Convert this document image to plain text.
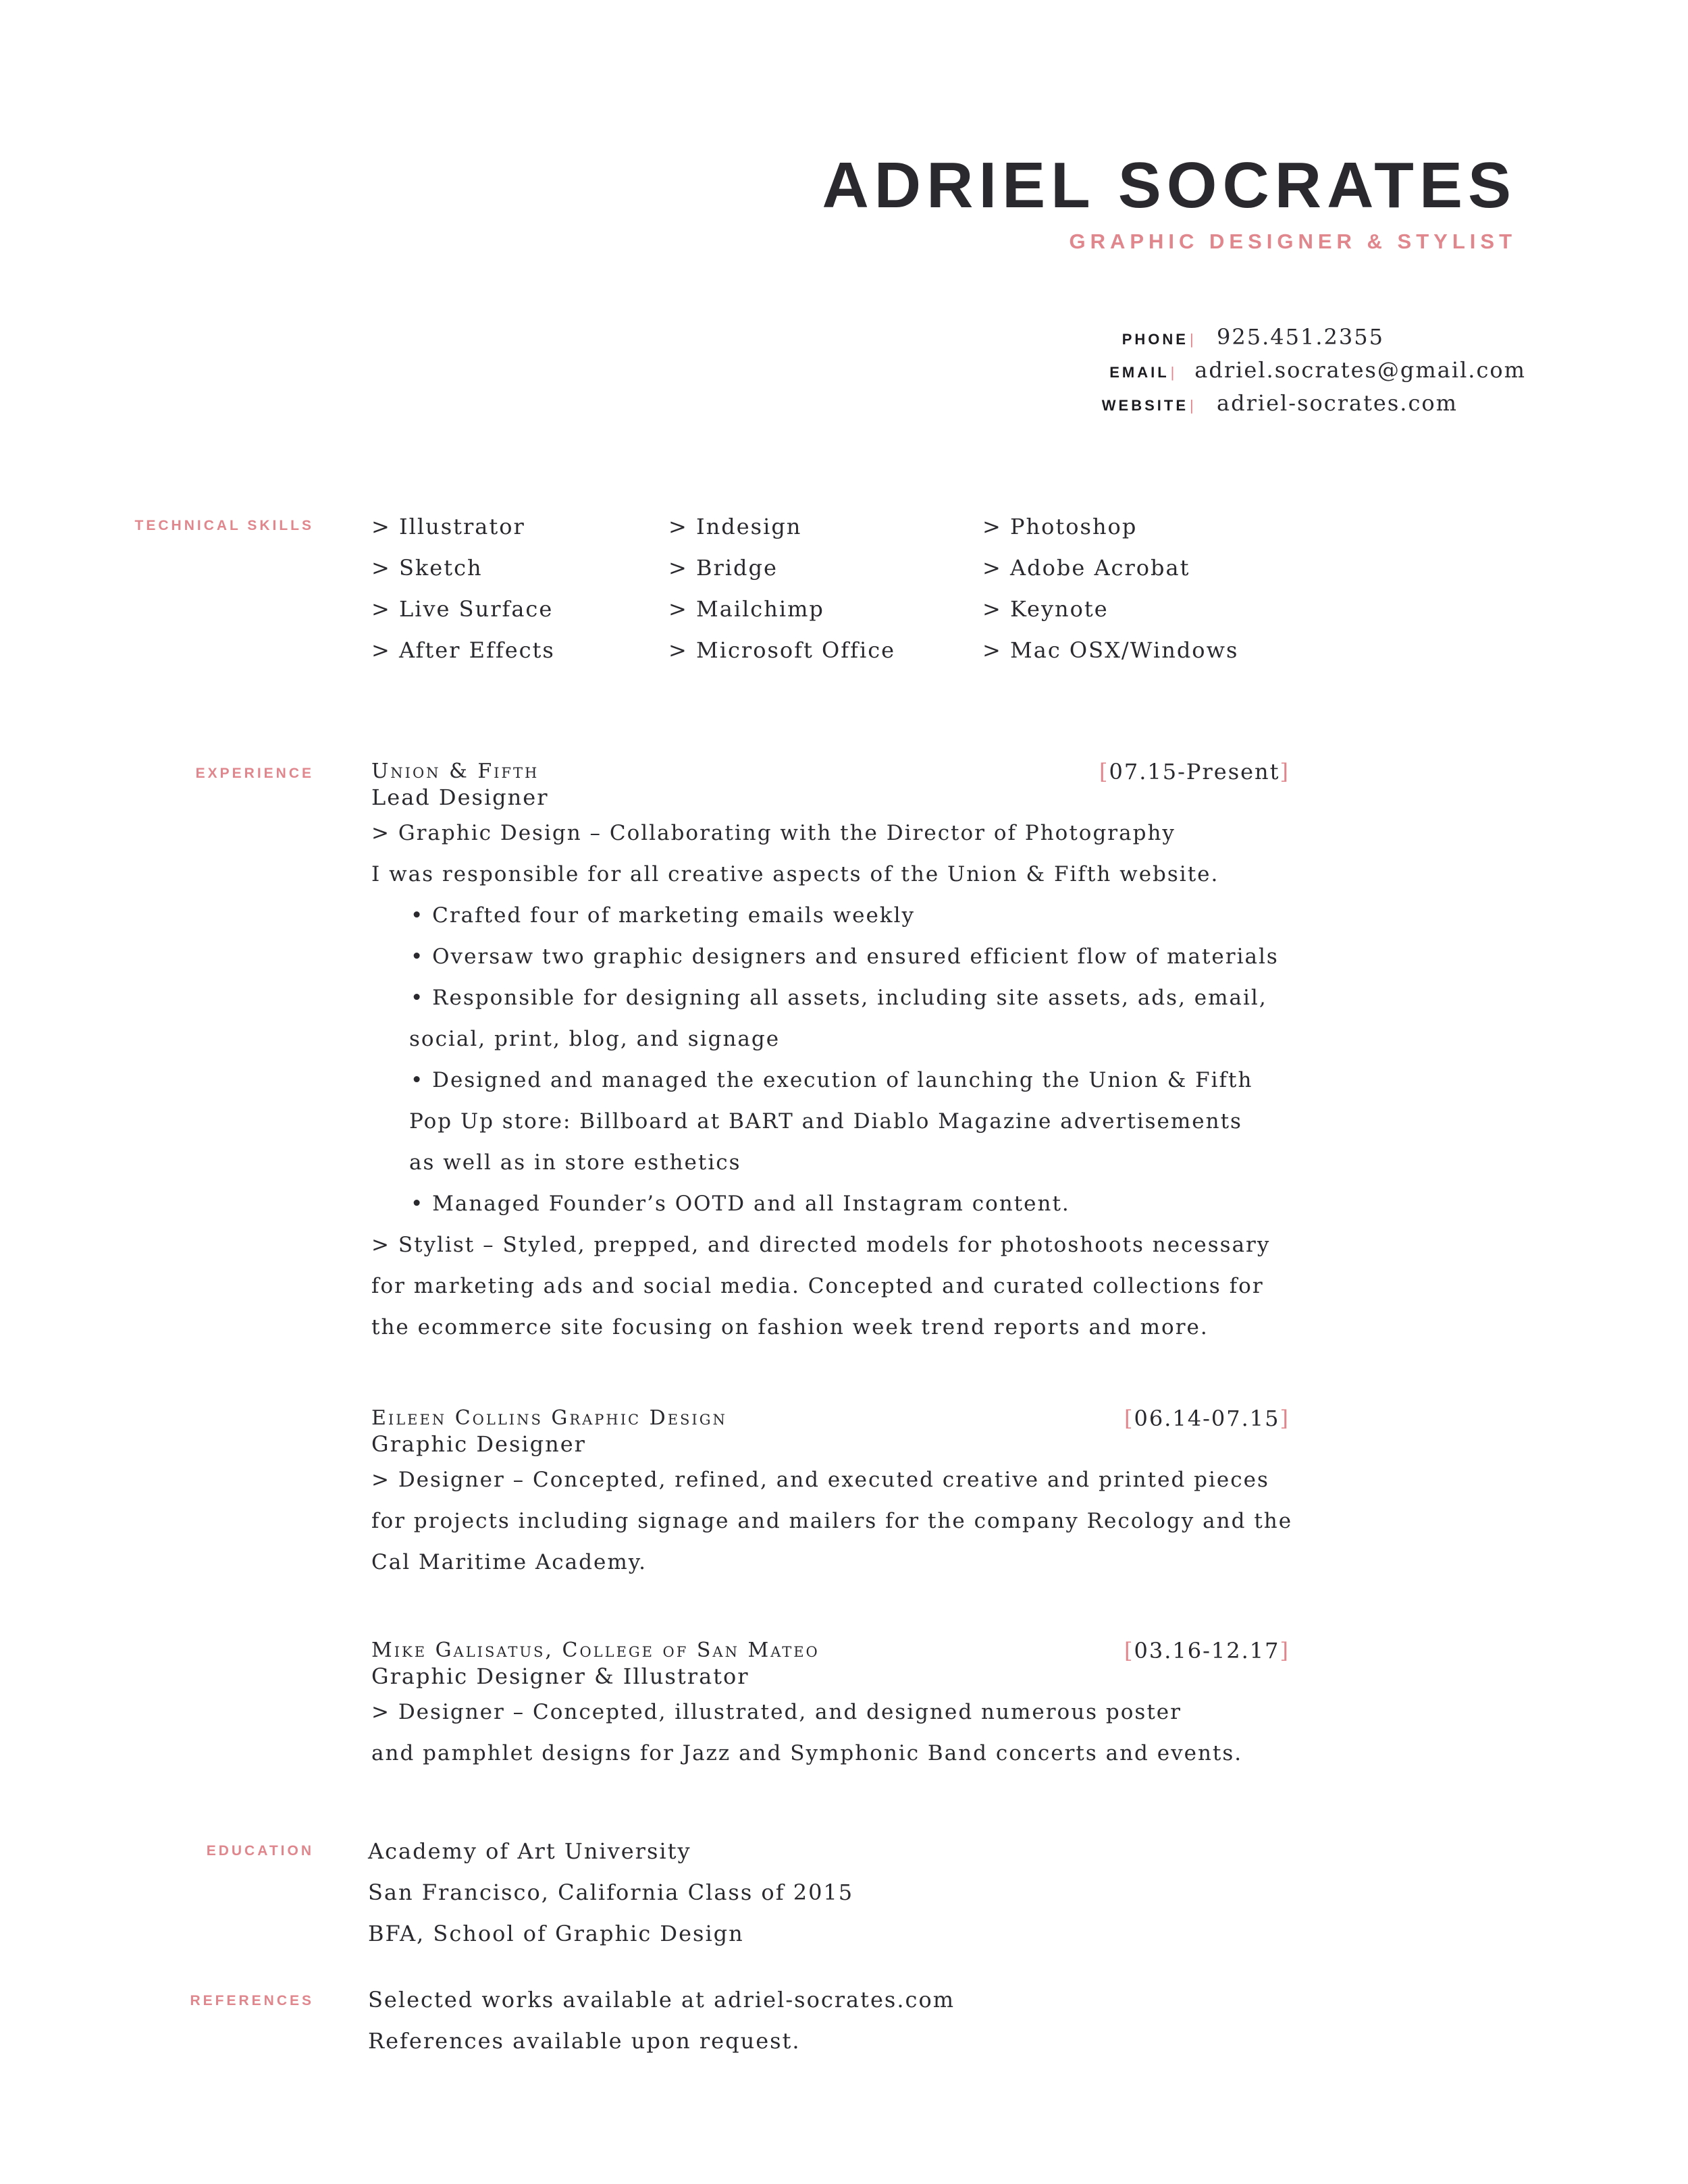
ADRIEL SOCRATES
GRAPHIC DESIGNER & STYLIST
PHONE |	925.451.2355
EMAIL | adriel.socrates@gmail.com
WEBSITE |	adriel-socrates.com
TECHNICAL SKILLS	> Illustrator	> Indesign	> Photoshop
> Sketch	> Bridge	> Adobe Acrobat
> Live Surface	> Mailchimp	> Keynote
> After Effects	> Microsoft Office	> Mac OSX/Windows
EXPERIENCE	Union & Fifth	[07.15-Present]
Lead Designer
> Graphic Design – Collaborating with the Director of Photography
I was responsible for all creative aspects of the Union & Fifth website.
• Crafted four of marketing emails weekly
• Oversaw two graphic designers and ensured efficient flow of materials
• Responsible for designing all assets, including site assets, ads, email,
social, print, blog, and signage
• Designed and managed the execution of launching the Union & Fifth
Pop Up store: Billboard at BART and Diablo Magazine advertisements
as well as in store esthetics
• Managed Founder’s OOTD and all Instagram content.
> Stylist – Styled, prepped, and directed models for photoshoots necessary
for marketing ads and social media. Concepted and curated collections for
the ecommerce site focusing on fashion week trend reports and more.
Eileen Collins Graphic Design	[06.14-07.15]
Graphic Designer
> Designer – Concepted, refined, and executed creative and printed pieces
for projects including signage and mailers for the company Recology and the
Cal Maritime Academy.
Mike Galisatus, College of San Mateo	[03.16-12.17]
Graphic Designer & Illustrator
> Designer – Concepted, illustrated, and designed numerous poster
and pamphlet designs for Jazz and Symphonic Band concerts and events.
EDUCATION	Academy of Art University
San Francisco, California Class of 2015
BFA, School of Graphic Design
REFERENCES	Selected works available at adriel-socrates.com
References available upon request.
